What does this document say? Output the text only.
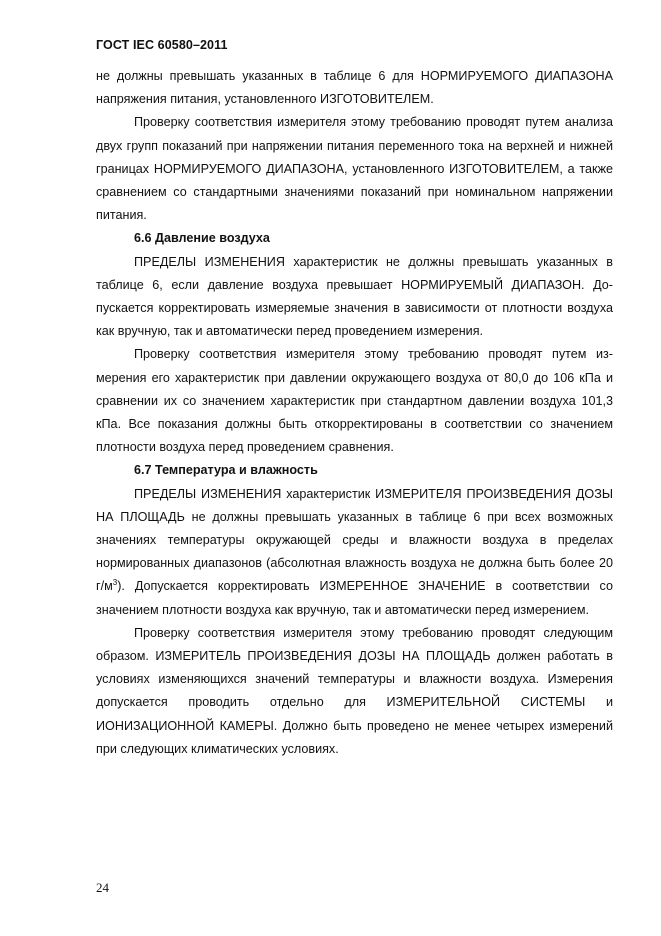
ГОСТ IEC 60580–2011

не должны превышать указанных в таблице 6 для НОРМИРУЕМОГО ДИАПАЗОНА напряжения питания, установленного ИЗГОТОВИТЕЛЕМ.

Проверку соответствия измерителя этому требованию проводят путем анализа двух групп показаний при напряжении питания переменного тока на верхней и нижней границах НОРМИРУЕМОГО ДИАПАЗОНА, установленного ИЗГОТОВИТЕЛЕМ, а также сравнением со стандартными значениями показаний при номинальном напряжении питания.

6.6 Давление воздуха

ПРЕДЕЛЫ ИЗМЕНЕНИЯ характеристик не должны превышать указанных в таблице 6, если давление воздуха превышает НОРМИРУЕМЫЙ ДИАПАЗОН. Допускается корректировать измеряемые значения в зависимости от плотности воздуха как вручную, так и автоматически перед проведением измерения.

Проверку соответствия измерителя этому требованию проводят путем измерения его характеристик при давлении окружающего воздуха от 80,0 до 106 кПа и сравнении их со значением характеристик при стандартном давлении воздуха 101,3 кПа. Все показания должны быть откорректированы в соответствии со значением плотности воздуха перед проведением сравнения.

6.7 Температура и влажность

ПРЕДЕЛЫ ИЗМЕНЕНИЯ характеристик ИЗМЕРИТЕЛЯ ПРОИЗВЕДЕНИЯ ДОЗЫ НА ПЛОЩАДЬ не должны превышать указанных в таблице 6 при всех возможных значениях температуры окружающей среды и влажности воздуха в пределах нормированных диапазонов (абсолютная влажность воздуха не должна быть более 20 $г/м^3$). Допускается корректировать ИЗМЕРЕННОЕ ЗНАЧЕНИЕ в соответствии со значением плотности воздуха как вручную, так и автоматически перед измерением.

Проверку соответствия измерителя этому требованию проводят следующим образом. ИЗМЕРИТЕЛЬ ПРОИЗВЕДЕНИЯ ДОЗЫ НА ПЛОЩАДЬ должен работать в условиях изменяющихся значений температуры и влажности воздуха. Измерения допускается проводить отдельно для ИЗМЕРИТЕЛЬНОЙ СИСТЕМЫ и ИОНИЗАЦИОННОЙ КАМЕРЫ. Должно быть проведено не менее четырех измерений при следующих климатических условиях.

24
